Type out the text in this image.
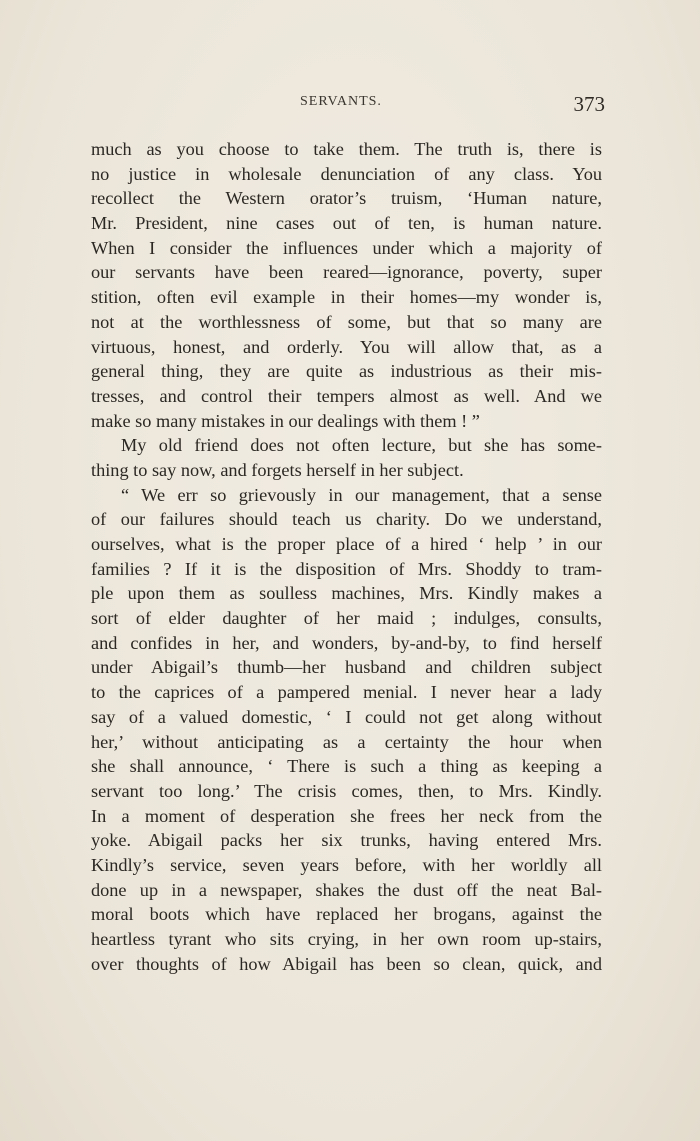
SERVANTS.	373
much as you choose to take them. The truth is, there is
no justice in wholesale denunciation of any class. You
recollect the Western orator’s truism, ‘Human nature,
Mr. President, nine cases out of ten, is human nature.
When I consider the influences under which a majority of
our servants have been reared—ignorance, poverty, super
stition, often evil example in their homes—my wonder is,
not at the worthlessness of some, but that so many are
virtuous, honest, and orderly. You will allow that, as a
general thing, they are quite as industrious as their mis-
tresses, and control their tempers almost as well. And we
make so many mistakes in our dealings with them ! ”
My old friend does not often lecture, but she has some-
thing to say now, and forgets herself in her subject.
“ We err so grievously in our management, that a sense
of our failures should teach us charity. Do we understand,
ourselves, what is the proper place of a hired ‘ help ’ in our
families ? If it is the disposition of Mrs. Shoddy to tram-
ple upon them as soulless machines, Mrs. Kindly makes a
sort of elder daughter of her maid ; indulges, consults,
and confides in her, and wonders, by-and-by, to find herself
under Abigail’s thumb—her husband and children subject
to the caprices of a pampered menial. I never hear a lady
say of a valued domestic, ‘ I could not get along without
her,’ without anticipating as a certainty the hour when
she shall announce, ‘ There is such a thing as keeping a
servant too long.’ The crisis comes, then, to Mrs. Kindly.
In a moment of desperation she frees her neck from the
yoke. Abigail packs her six trunks, having entered Mrs.
Kindly’s service, seven years before, with her worldly all
done up in a newspaper, shakes the dust off the neat Bal-
moral boots which have replaced her brogans, against the
heartless tyrant who sits crying, in her own room up-stairs,
over thoughts of how Abigail has been so clean, quick, and
